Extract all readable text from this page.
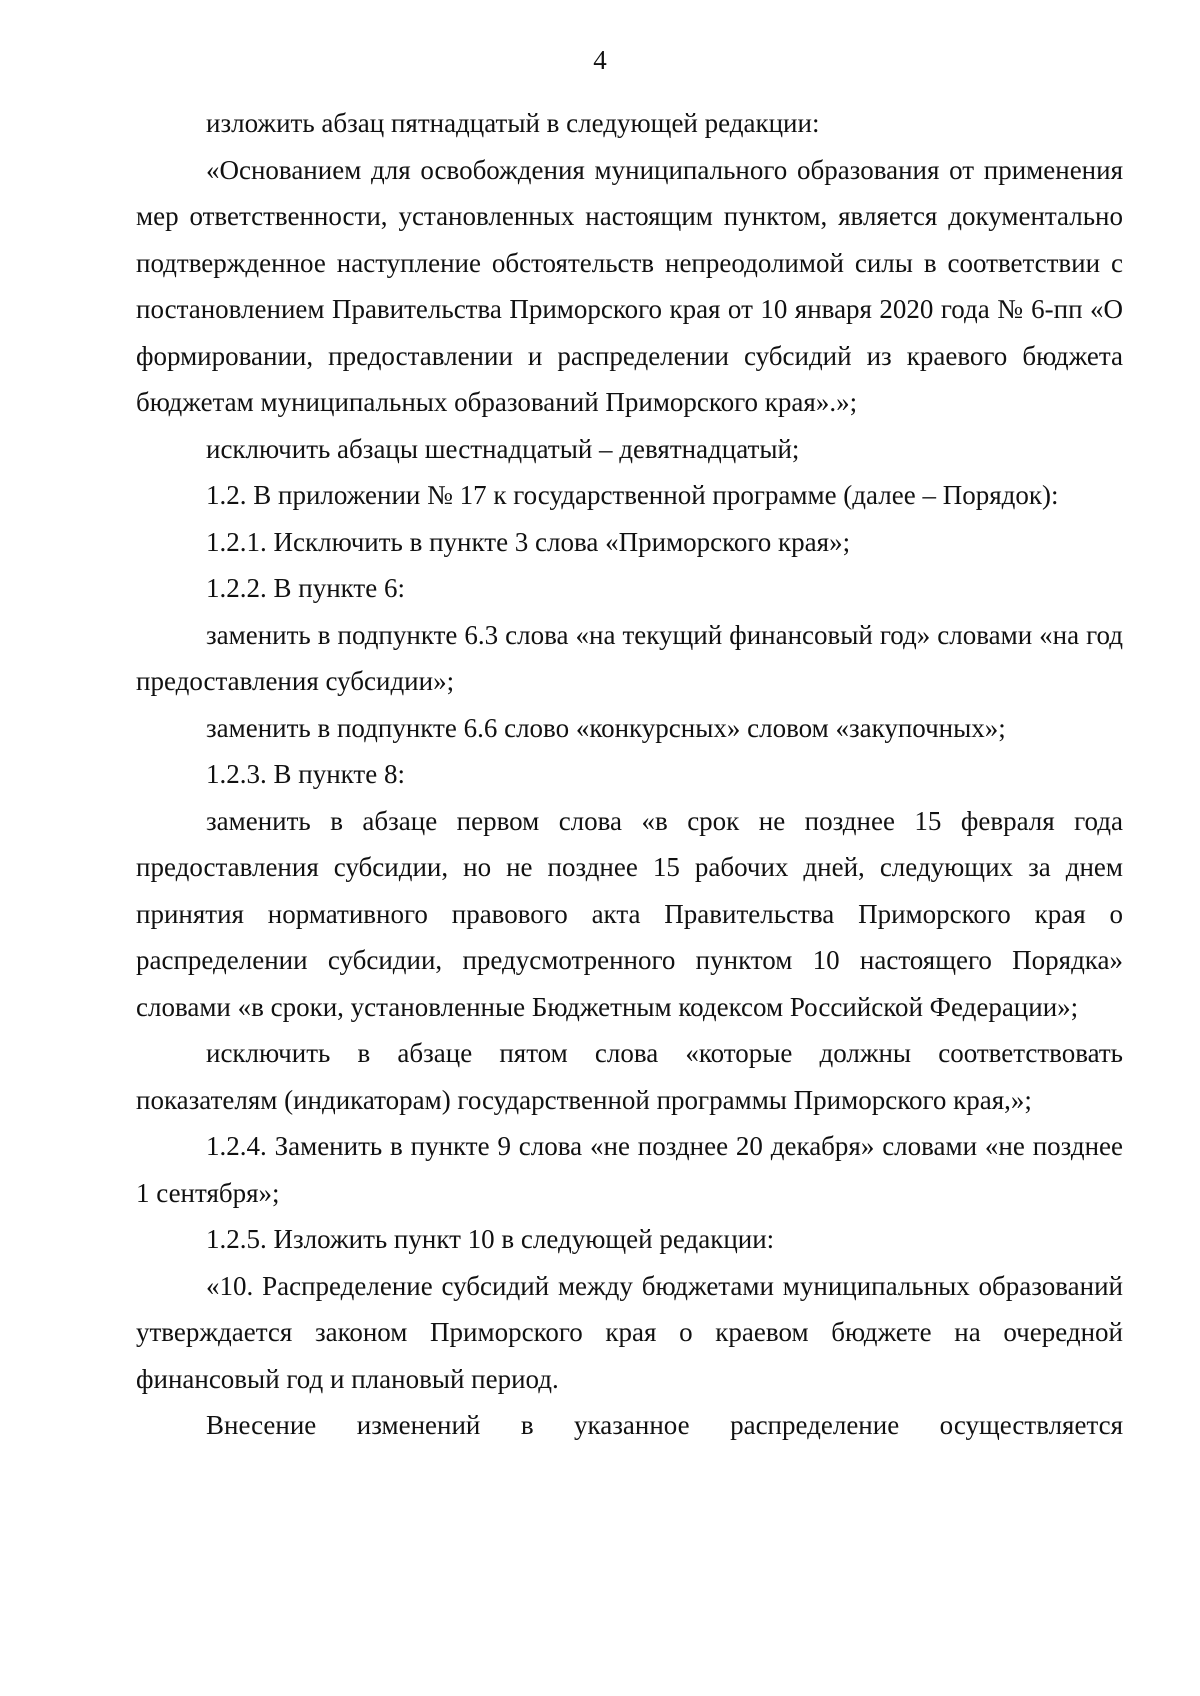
4

изложить абзац пятнадцатый в следующей редакции:

«Основанием для освобождения муниципального образования от применения мер ответственности, установленных настоящим пунктом, является документально подтвержденное наступление обстоятельств непреодолимой силы в соответствии с постановлением Правительства Приморского края от 10 января 2020 года № 6-пп «О формировании, предоставлении и распределении субсидий из краевого бюджета бюджетам муниципальных образований Приморского края».»;

исключить абзацы шестнадцатый – девятнадцатый;

1.2. В приложении № 17 к государственной программе (далее – Порядок):

1.2.1. Исключить в пункте 3 слова «Приморского края»;

1.2.2. В пункте 6:

заменить в подпункте 6.3 слова «на текущий финансовый год» словами «на год предоставления субсидии»;

заменить в подпункте 6.6 слово «конкурсных» словом «закупочных»;

1.2.3. В пункте 8:

заменить в абзаце первом слова «в срок не позднее 15 февраля года предоставления субсидии, но не позднее 15 рабочих дней, следующих за днем принятия нормативного правового акта Правительства Приморского края о распределении субсидии, предусмотренного пунктом 10 настоящего Порядка» словами «в сроки, установленные Бюджетным кодексом Российской Федерации»;

исключить в абзаце пятом слова «которые должны соответствовать показателям (индикаторам) государственной программы Приморского края,»;

1.2.4. Заменить в пункте 9 слова «не позднее 20 декабря» словами «не позднее 1 сентября»;

1.2.5. Изложить пункт 10 в следующей редакции:

«10. Распределение субсидий между бюджетами муниципальных образований утверждается законом Приморского края о краевом бюджете на очередной финансовый год и плановый период.

Внесение изменений в указанное распределение осуществляется
